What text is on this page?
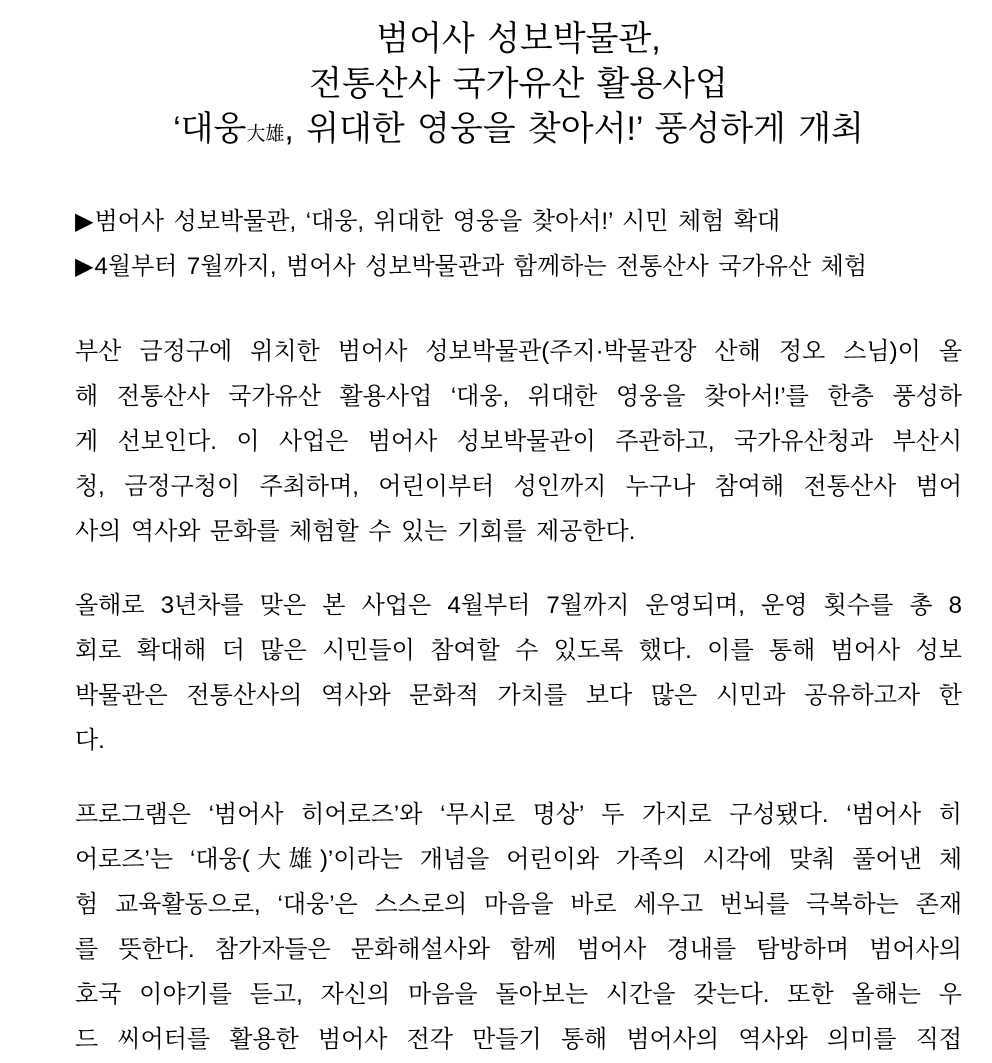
범어사 성보박물관,
전통산사 국가유산 활용사업
‘대웅大雄, 위대한 영웅을 찾아서!’ 풍성하게 개최
▶범어사 성보박물관, ‘대웅, 위대한 영웅을 찾아서!’ 시민 체험 확대
▶4월부터 7월까지, 범어사 성보박물관과 함께하는 전통산사 국가유산 체험

부산 금정구에 위치한 범어사 성보박물관(주지·박물관장 산해 정오 스님)이 올
해 전통산사 국가유산 활용사업 ‘대웅, 위대한 영웅을 찾아서!’를 한층 풍성하
게 선보인다. 이 사업은 범어사 성보박물관이 주관하고, 국가유산청과 부산시
청, 금정구청이 주최하며, 어린이부터 성인까지 누구나 참여해 전통산사 범어
사의 역사와 문화를 체험할 수 있는 기회를 제공한다.

올해로 3년차를 맞은 본 사업은 4월부터 7월까지 운영되며, 운영 횟수를 총 8
회로 확대해 더 많은 시민들이 참여할 수 있도록 했다. 이를 통해 범어사 성보
박물관은 전통산사의 역사와 문화적 가치를 보다 많은 시민과 공유하고자 한
다.

프로그램은 ‘범어사 히어로즈’와 ‘무시로 명상’ 두 가지로 구성됐다. ‘범어사 히
어로즈’는 ‘대웅(大雄)’이라는 개념을 어린이와 가족의 시각에 맞춰 풀어낸 체
험 교육활동으로, ‘대웅’은 스스로의 마음을 바로 세우고 번뇌를 극복하는 존재
를 뜻한다. 참가자들은 문화해설사와 함께 범어사 경내를 탐방하며 범어사의
호국 이야기를 듣고, 자신의 마음을 돌아보는 시간을 갖는다. 또한 올해는 우
드 씨어터를 활용한 범어사 전각 만들기 통해 범어사의 역사와 의미를 직접
